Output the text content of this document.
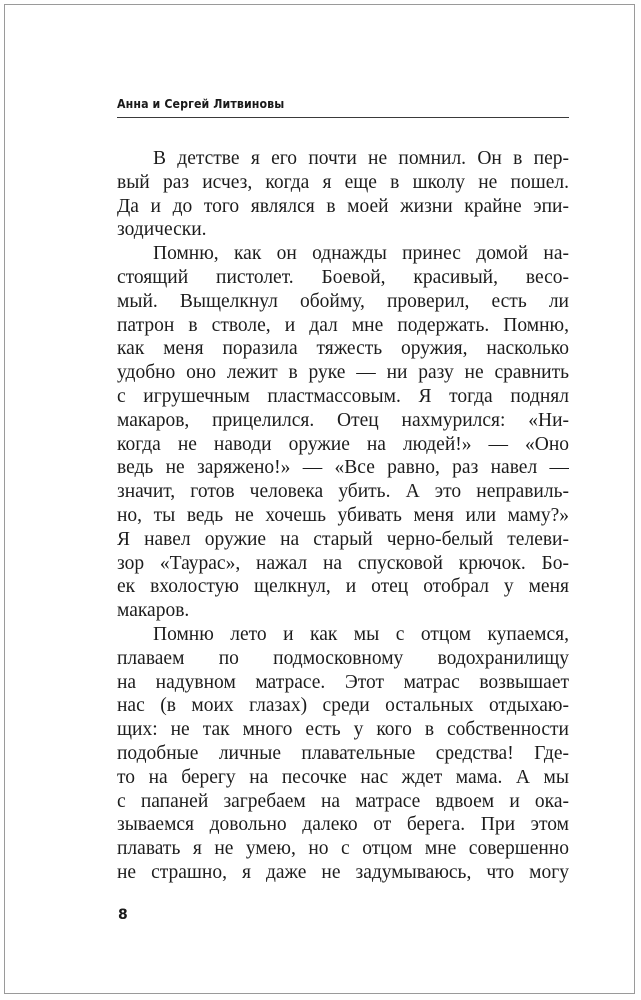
Анна и Сергей Литвиновы
В детстве я его почти не помнил. Он в пер-
вый раз исчез, когда я еще в школу не пошел.
Да и до того являлся в моей жизни крайне эпи-
зодически.
Помню, как он однажды принес домой на-
стоящий пистолет. Боевой, красивый, весо-
мый. Выщелкнул обойму, проверил, есть ли
патрон в стволе, и дал мне подержать. Помню,
как меня поразила тяжесть оружия, насколько
удобно оно лежит в руке — ни разу не сравнить
с игрушечным пластмассовым. Я тогда поднял
макаров, прицелился. Отец нахмурился: «Ни-
когда не наводи оружие на людей!» — «Оно
ведь не заряжено!» — «Все равно, раз навел —
значит, готов человека убить. А это неправиль-
но, ты ведь не хочешь убивать меня или маму?»
Я навел оружие на старый черно-белый телеви-
зор «Таурас», нажал на спусковой крючок. Бо-
ек вхолостую щелкнул, и отец отобрал у меня
макаров.
Помню лето и как мы с отцом купаемся,
плаваем по подмосковному водохранилищу
на надувном матрасе. Этот матрас возвышает
нас (в моих глазах) среди остальных отдыхаю-
щих: не так много есть у кого в собственности
подобные личные плавательные средства! Где-
то на берегу на песочке нас ждет мама. А мы
с папаней загребаем на матрасе вдвоем и ока-
зываемся довольно далеко от берега. При этом
плавать я не умею, но с отцом мне совершенно
не страшно, я даже не задумываюсь, что могу
8
